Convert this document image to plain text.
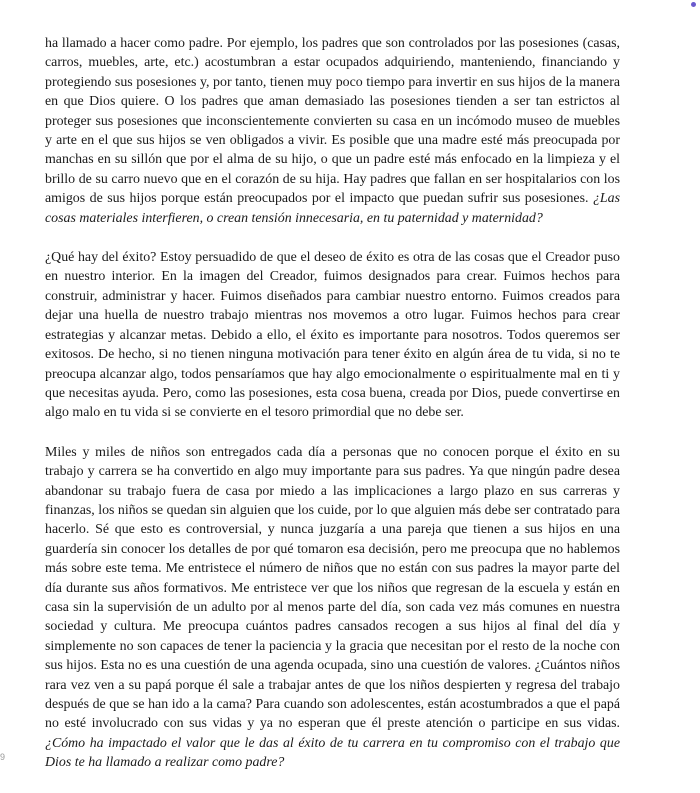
ha llamado a hacer como padre. Por ejemplo, los padres que son controlados por las posesiones (casas, carros, muebles, arte, etc.) acostumbran a estar ocupados adquiriendo, manteniendo, financiando y protegiendo sus posesiones y, por tanto, tienen muy poco tiempo para invertir en sus hijos de la manera en que Dios quiere. O los padres que aman demasiado las posesiones tienden a ser tan estrictos al proteger sus posesiones que inconscientemente convierten su casa en un incómodo museo de muebles y arte en el que sus hijos se ven obligados a vivir. Es posible que una madre esté más preocupada por manchas en su sillón que por el alma de su hijo, o que un padre esté más enfocado en la limpieza y el brillo de su carro nuevo que en el corazón de su hija. Hay padres que fallan en ser hospitalarios con los amigos de sus hijos porque están preocupados por el impacto que puedan sufrir sus posesiones. ¿Las cosas materiales interfieren, o crean tensión innecesaria, en tu paternidad y maternidad?

¿Qué hay del éxito? Estoy persuadido de que el deseo de éxito es otra de las cosas que el Creador puso en nuestro interior. En la imagen del Creador, fuimos designados para crear. Fuimos hechos para construir, administrar y hacer. Fuimos diseñados para cambiar nuestro entorno. Fuimos creados para dejar una huella de nuestro trabajo mientras nos movemos a otro lugar. Fuimos hechos para crear estrategias y alcanzar metas. Debido a ello, el éxito es importante para nosotros. Todos queremos ser exitosos. De hecho, si no tienen ninguna motivación para tener éxito en algún área de tu vida, si no te preocupa alcanzar algo, todos pensaríamos que hay algo emocionalmente o espiritualmente mal en ti y que necesitas ayuda. Pero, como las posesiones, esta cosa buena, creada por Dios, puede convertirse en algo malo en tu vida si se convierte en el tesoro primordial que no debe ser.

Miles y miles de niños son entregados cada día a personas que no conocen porque el éxito en su trabajo y carrera se ha convertido en algo muy importante para sus padres. Ya que ningún padre desea abandonar su trabajo fuera de casa por miedo a las implicaciones a largo plazo en sus carreras y finanzas, los niños se quedan sin alguien que los cuide, por lo que alguien más debe ser contratado para hacerlo. Sé que esto es controversial, y nunca juzgaría a una pareja que tienen a sus hijos en una guardería sin conocer los detalles de por qué tomaron esa decisión, pero me preocupa que no hablemos más sobre este tema. Me entristece el número de niños que no están con sus padres la mayor parte del día durante sus años formativos. Me entristece ver que los niños que regresan de la escuela y están en casa sin la supervisión de un adulto por al menos parte del día, son cada vez más comunes en nuestra sociedad y cultura. Me preocupa cuántos padres cansados recogen a sus hijos al final del día y simplemente no son capaces de tener la paciencia y la gracia que necesitan por el resto de la noche con sus hijos. Esta no es una cuestión de una agenda ocupada, sino una cuestión de valores. ¿Cuántos niños rara vez ven a su papá porque él sale a trabajar antes de que los niños despierten y regresa del trabajo después de que se han ido a la cama? Para cuando son adolescentes, están acostumbrados a que el papá no esté involucrado con sus vidas y ya no esperan que él preste atención o participe en sus vidas. ¿Cómo ha impactado el valor que le das al éxito de tu carrera en tu compromiso con el trabajo que Dios te ha llamado a realizar como padre?

9
